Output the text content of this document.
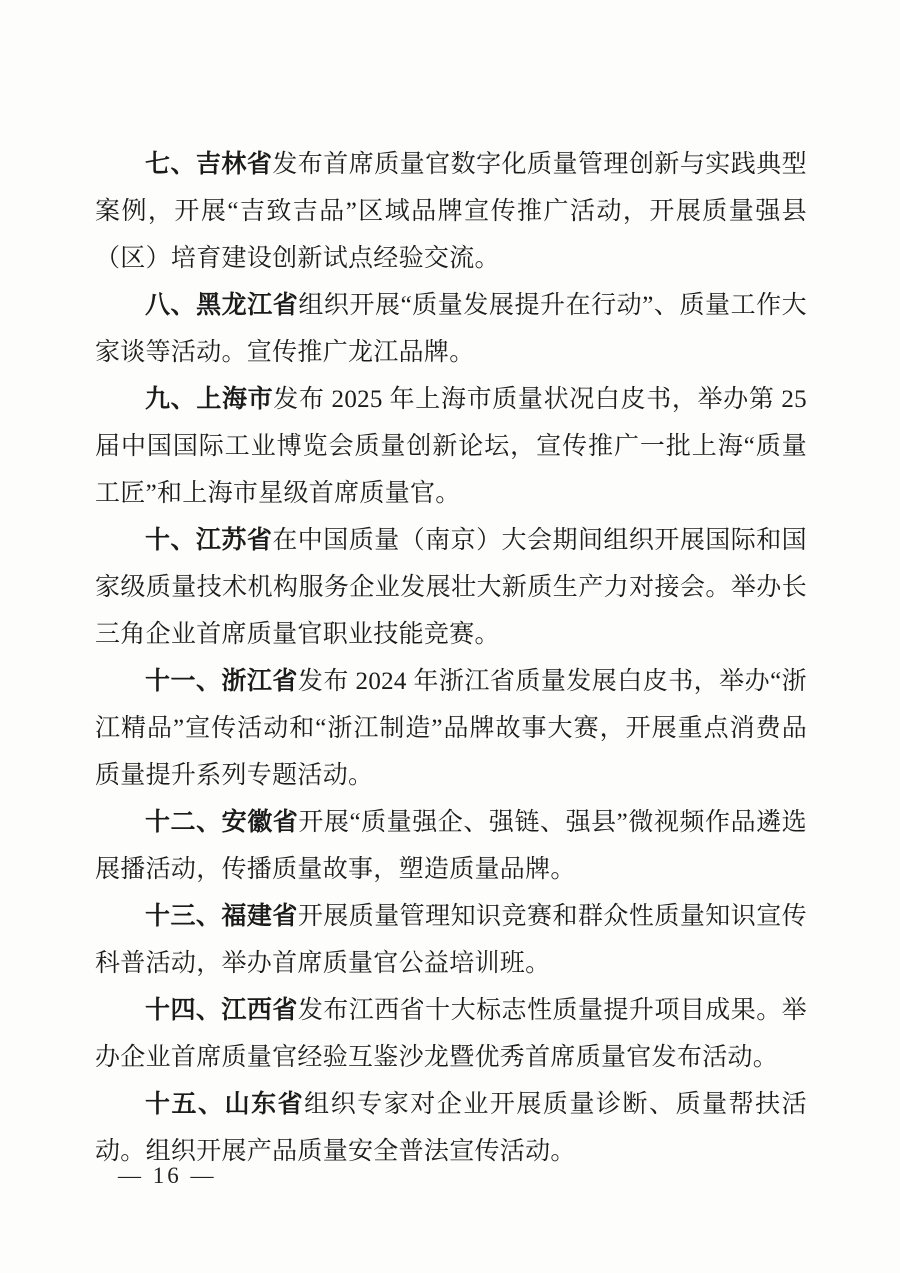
七、吉林省发布首席质量官数字化质量管理创新与实践典型案例，开展“吉致吉品”区域品牌宣传推广活动，开展质量强县（区）培育建设创新试点经验交流。

八、黑龙江省组织开展“质量发展提升在行动”、质量工作大家谈等活动。宣传推广龙江品牌。

九、上海市发布 2025 年上海市质量状况白皮书，举办第 25 届中国国际工业博览会质量创新论坛，宣传推广一批上海“质量工匠”和上海市星级首席质量官。

十、江苏省在中国质量（南京）大会期间组织开展国际和国家级质量技术机构服务企业发展壮大新质生产力对接会。举办长三角企业首席质量官职业技能竞赛。

十一、浙江省发布 2024 年浙江省质量发展白皮书，举办“浙江精品”宣传活动和“浙江制造”品牌故事大赛，开展重点消费品质量提升系列专题活动。

十二、安徽省开展“质量强企、强链、强县”微视频作品遴选展播活动，传播质量故事，塑造质量品牌。

十三、福建省开展质量管理知识竞赛和群众性质量知识宣传科普活动，举办首席质量官公益培训班。

十四、江西省发布江西省十大标志性质量提升项目成果。举办企业首席质量官经验互鉴沙龙暨优秀首席质量官发布活动。

十五、山东省组织专家对企业开展质量诊断、质量帮扶活动。组织开展产品质量安全普法宣传活动。

— 16 —
